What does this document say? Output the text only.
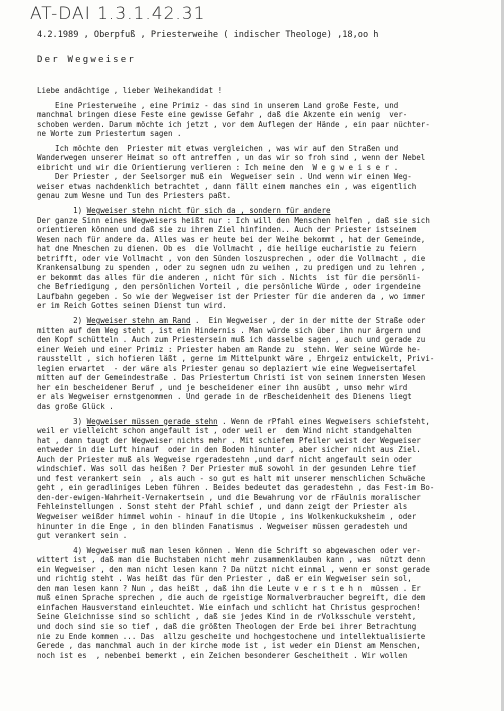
AT-DAI 1.3.1.42.31
4.2.1989 , Oberpfuß , Priesterweihe ( indischer Theologe) ,18,oo h
Der Wegweiser

Liebe andächtige , lieber Weihekandidat !

Eine Priesterweihe , eine Primiz - das sind in unserem Land große Feste, und

manchmal bringen diese Feste eine gewisse Gefahr , daß die Akzente ein wenig  ver-

schoben werden. Darum möchte ich jetzt , vor dem Auflegen der Hände , ein paar nüchter-

ne Worte zum Priestertum sagen .

Ich möchte den  Priester mit etwas vergleichen , was wir auf den Straßen und

Wanderwegen unserer Heimat so oft antreffen , un das wir so froh sind , wenn der Nebel

eibricht und wir die Orientierung verlieren : Ich meine den  W e g w e i s e r .

Der Priester , der Seelsorger muß ein  Wegweiser sein . Und wenn wir einen Weg-

weiser etwas nachdenklich betrachtet , dann fällt einem manches ein , was eigentlich

genau zum Wesne und Tun des Priesters paßt.

1) Wegweiser stehn nicht für sich da , sondern für andere

Der ganze Sinn eines Wegweisers heißt nur : Ich will den Menschen helfen , daß sie sich

orientieren können und daß sie zu ihrem Ziel hinfinden.. Auch der Priester istseinem

Wesen nach für andere da. Alles was er heute bei der Weihe bekommt , hat der Gemeinde,

hat dne Mneschen zu dienen. Ob es  die Vollmacht , die heilige eucharistie zu feiern

betrifft, oder vie Vollmacht , von den Sünden loszusprechen , oder die Vollmacht , die

Krankensalbung zu spenden , oder zu segnen udn zu weihen , zu predigen und zu lehren ,

er bekommt das alles für die anderen , nicht für sich . Nichts  ist für die persönli-

che Befriedigung , den persönlichen Vorteil , die persönliche Würde , oder irgendeine

Laufbahn gegeben . So wie der Wegweiser ist der Priester für die anderen da , wo immer

er im Reich Gottes seinen Dienst tun wird.

2) Wegweiser stehn am Rand .  Ein Wegweiser , der in der mitte der Straße oder

mitten auf dem Weg steht , ist ein Hindernis . Man würde sich über ihn nur ärgern und

den Kopf schütteln . Auch zum Priestersein muß ich dasselbe sagen , auch und gerade zu

einer Weieh und einer Primiz : Priester haben am Rande zu  stehn. Wer seine Würde he-

rausstellt , sich hofieren läßt , gerne im Mittelpunkt wäre , Ehrgeiz entwickelt, Privi-

legien erwartet  - der wäre als Priester genau so deplaziert wie eine Wegweisertafel

mitten auf der Gemeindestraße . Das Priestertum Christi ist von seinem innersten Wesen

her ein bescheidener Beruf , und je bescheidener einer ihn ausübt , umso mehr wird

er als Wegweiser ernstgenommen . Und gerade in de rBescheidenheit des Dienens liegt

das große Glück .

3) Wegweiser müssen gerade stehn . Wenn de rPfahl eines Wegweisers schiefsteht,

weil er vielleicht schon angefault ist , oder weil er  dem Wind nicht standgehalten

hat , dann taugt der Wegweiser nichts mehr . Mit schiefem Pfeiler weist der Wegweiser

entweder in die Luft hinauf  oder in den Boden hinunter , aber sicher nicht aus Ziel.

Auch der Priester muß als Wegweise rgeradestehn ,und darf nicht angefault sein oder

windschief. Was soll das heißen ? Der Priester muß sowohl in der gesunden Lehre tief

und fest verankert sein  , als auch - so gut es halt mit unserer menschlichen Schwäche

geht , ein geradliniges Leben führen . Beides bedeutet das geradestehn , das Fest-im Bo-

den-der-ewigen-Wahrheit-Vernakertsein , und die Bewahrung vor de rFäulnis moralischer

Fehleinstellungen . Sonst steht der Pfahl schief , und dann zeigt der Priester als

Wegweiser weißder himmel wohin - hinauf in die Utopie , ins Wolkenkuckuksheim , oder

hinunter in die Enge , in den blinden Fanatismus . Wegweiser müssen geradesteh und

gut verankert sein .

4) Wegweiser muß man lesen können . Wenn die Schrift so abgewaschen oder ver-

wittert ist , daß man die Buchstaben nicht mehr zusammenklauben kann , was  nützt denn

ein Wegweiser , den man nicht lesen kann ? Da nützt nicht einmal , wenn er sonst gerade

und richtig steht . Was heißt das für den Priester , daß er ein Wegweiser sein sol,

den man lesen kann ? Nun , das heißt , daß ihn die Leute v e r s t e h n  müssen . Er

muß einen Sprache sprechen , die auch de rgeistige Normalverbraucher begreift, die dem

einfachen Hausverstand einleuchtet. Wie einfach und schlicht hat Christus gesprochen!

Seine Gleichnisse sind so schlicht , daß sie jedes Kind in de rVolksschule versteht,

und doch sind sie so tief , daß die größten Theologen der Erde bei ihrer Betrachtung

nie zu Ende kommen ... Das  allzu gescheite und hochgestochene und intellektualisierte

Gerede , das manchmal auch in der kirche mode ist , ist weder ein Dienst am Menschen,

noch ist es  , nebenbei bemerkt , ein Zeichen besonderer Gescheitheit . Wir wollen
